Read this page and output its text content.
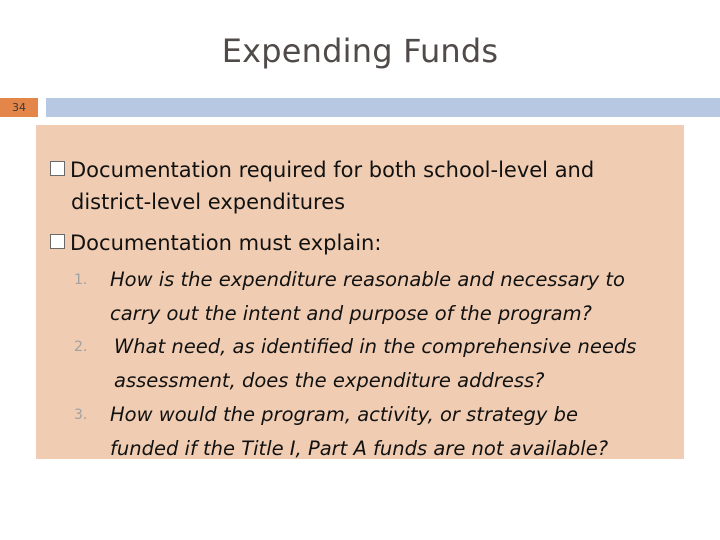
Expending Funds
34
Documentation required for both school-level and
district-level expenditures
Documentation must explain:
1.	How is the expenditure reasonable and necessary to
carry out the intent and purpose of the program?
2.	What need, as identified in the comprehensive needs
assessment, does the expenditure address?
3.	How would the program, activity, or strategy be
funded if the Title I, Part A funds are not available?
